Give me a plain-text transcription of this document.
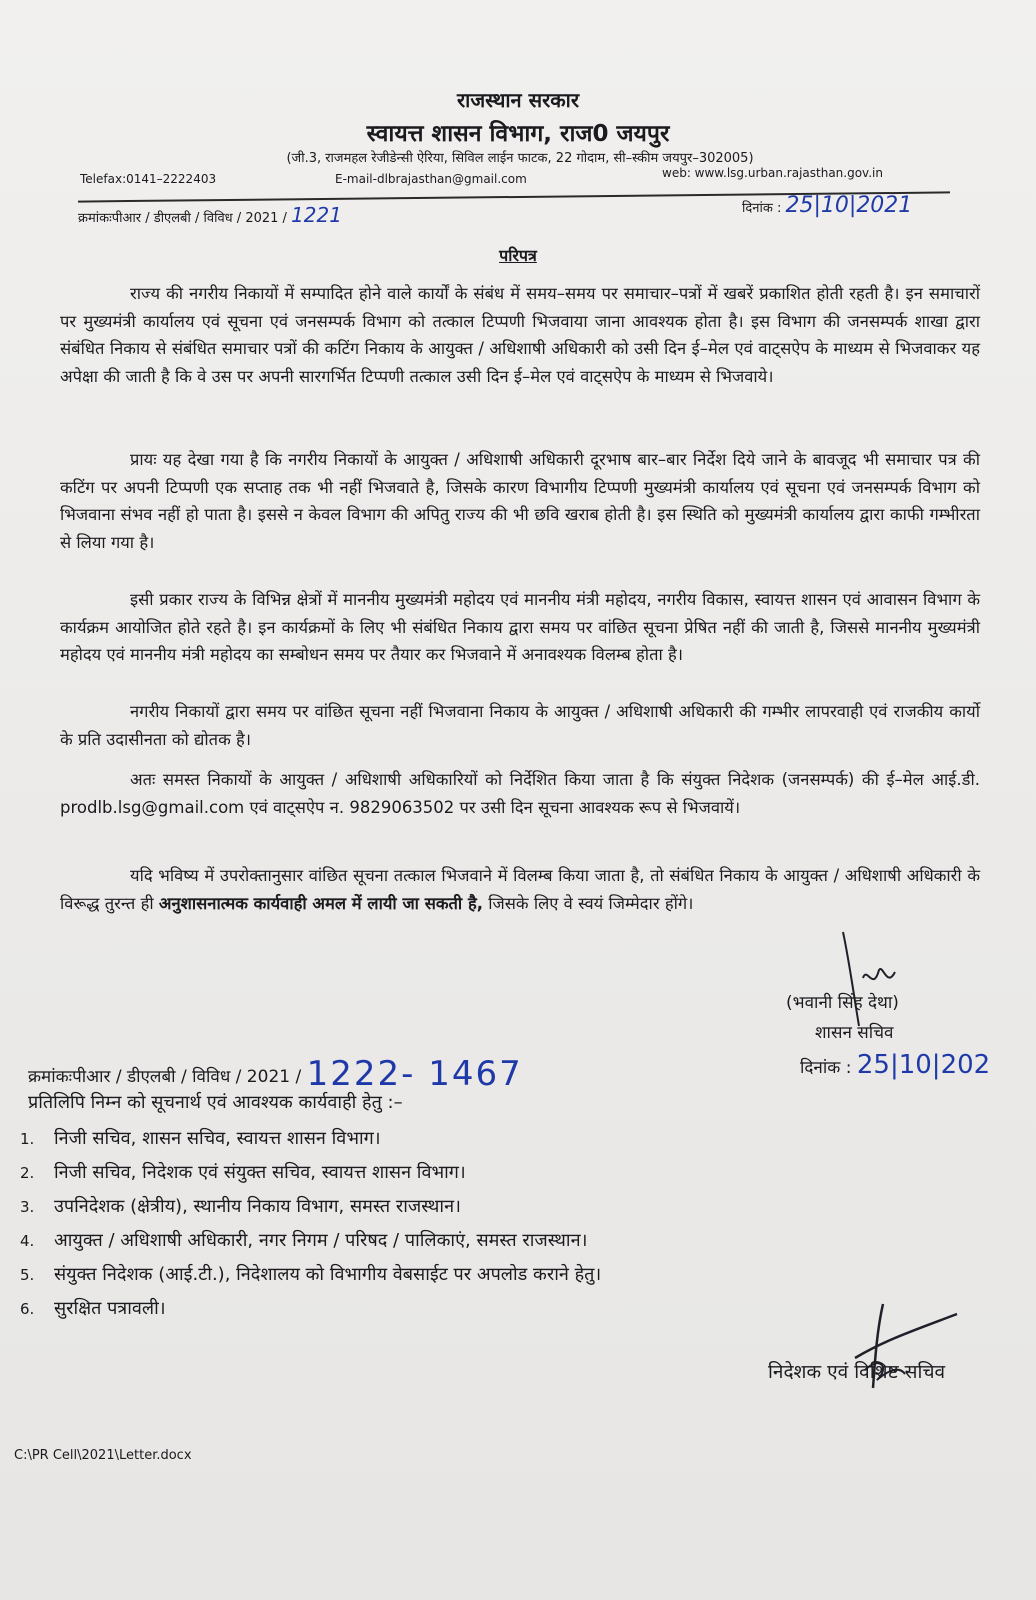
राजस्थान सरकार
स्वायत्त शासन विभाग, राज0 जयपुर
(जी.3, राजमहल रेजीडेन्सी ऐरिया, सिविल लाईन फाटक, 22 गोदाम, सी–स्कीम जयपुर–302005)
Telefax:0141–2222403	E-mail-dlbrajasthan@gmail.com	web: www.lsg.urban.rajasthan.gov.in
क्रमांकःपीआर / डीएलबी / विविध / 2021 / 1221	दिनांक : 25|10|2021
परिपत्र
राज्य की नगरीय निकायों में सम्पादित होने वाले कार्यों के संबंध में समय–समय पर समाचार–पत्रों में खबरें प्रकाशित होती रहती है। इन समाचारों पर मुख्यमंत्री कार्यालय एवं सूचना एवं जनसम्पर्क विभाग को तत्काल टिप्पणी भिजवाया जाना आवश्यक होता है। इस विभाग की जनसम्पर्क शाखा द्वारा संबंधित निकाय से संबंधित समाचार पत्रों की कटिंग निकाय के आयुक्त / अधिशाषी अधिकारी को उसी दिन ई–मेल एवं वाट्सऐप के माध्यम से भिजवाकर यह अपेक्षा की जाती है कि वे उस पर अपनी सारगर्भित टिप्पणी तत्काल उसी दिन ई–मेल एवं वाट्सऐप के माध्यम से भिजवाये।
प्रायः यह देखा गया है कि नगरीय निकायों के आयुक्त / अधिशाषी अधिकारी दूरभाष बार–बार निर्देश दिये जाने के बावजूद भी समाचार पत्र की कटिंग पर अपनी टिप्पणी एक सप्ताह तक भी नहीं भिजवाते है, जिसके कारण विभागीय टिप्पणी मुख्यमंत्री कार्यालय एवं सूचना एवं जनसम्पर्क विभाग को भिजवाना संभव नहीं हो पाता है। इससे न केवल विभाग की अपितु राज्य की भी छवि खराब होती है। इस स्थिति को मुख्यमंत्री कार्यालय द्वारा काफी गम्भीरता से लिया गया है।
इसी प्रकार राज्य के विभिन्न क्षेत्रों में माननीय मुख्यमंत्री महोदय एवं माननीय मंत्री महोदय, नगरीय विकास, स्वायत्त शासन एवं आवासन विभाग के कार्यक्रम आयोजित होते रहते है। इन कार्यक्रमों के लिए भी संबंधित निकाय द्वारा समय पर वांछित सूचना प्रेषित नहीं की जाती है, जिससे माननीय मुख्यमंत्री महोदय एवं माननीय मंत्री महोदय का सम्बोधन समय पर तैयार कर भिजवाने में अनावश्यक विलम्ब होता है।
नगरीय निकायों द्वारा समय पर वांछित सूचना नहीं भिजवाना निकाय के आयुक्त / अधिशाषी अधिकारी की गम्भीर लापरवाही एवं राजकीय कार्यो के प्रति उदासीनता को द्योतक है।
अतः समस्त निकायों के आयुक्त / अधिशाषी अधिकारियों को निर्देशित किया जाता है कि संयुक्त निदेशक (जनसम्पर्क) की ई–मेल आई.डी. prodlb.lsg@gmail.com एवं वाट्सऐप न. 9829063502 पर उसी दिन सूचना आवश्यक रूप से भिजवायें।
यदि भविष्य में उपरोक्तानुसार वांछित सूचना तत्काल भिजवाने में विलम्ब किया जाता है, तो संबंधित निकाय के आयुक्त / अधिशाषी अधिकारी के विरूद्ध तुरन्त ही अनुशासनात्मक कार्यवाही अमल में लायी जा सकती है, जिसके लिए वे स्वयं जिम्मेदार होंगे।
(भवानी सिंह देथा)
शासन सचिव
दिनांक : 25|10|202
क्रमांकःपीआर / डीएलबी / विविध / 2021 / 1222- 1467
प्रतिलिपि निम्न को सूचनार्थ एवं आवश्यक कार्यवाही हेतु :–
1. निजी सचिव, शासन सचिव, स्वायत्त शासन विभाग।
2. निजी सचिव, निदेशक एवं संयुक्त सचिव, स्वायत्त शासन विभाग।
3. उपनिदेशक (क्षेत्रीय), स्थानीय निकाय विभाग, समस्त राजस्थान।
4. आयुक्त / अधिशाषी अधिकारी, नगर निगम / परिषद / पालिकाएं, समस्त राजस्थान।
5. संयुक्त निदेशक (आई.टी.), निदेशालय को विभागीय वेबसाईट पर अपलोड कराने हेतु।
6. सुरक्षित पत्रावली।
निदेशक एवं विशिष्ट सचिव
C:\PR Cell\2021\Letter.docx
